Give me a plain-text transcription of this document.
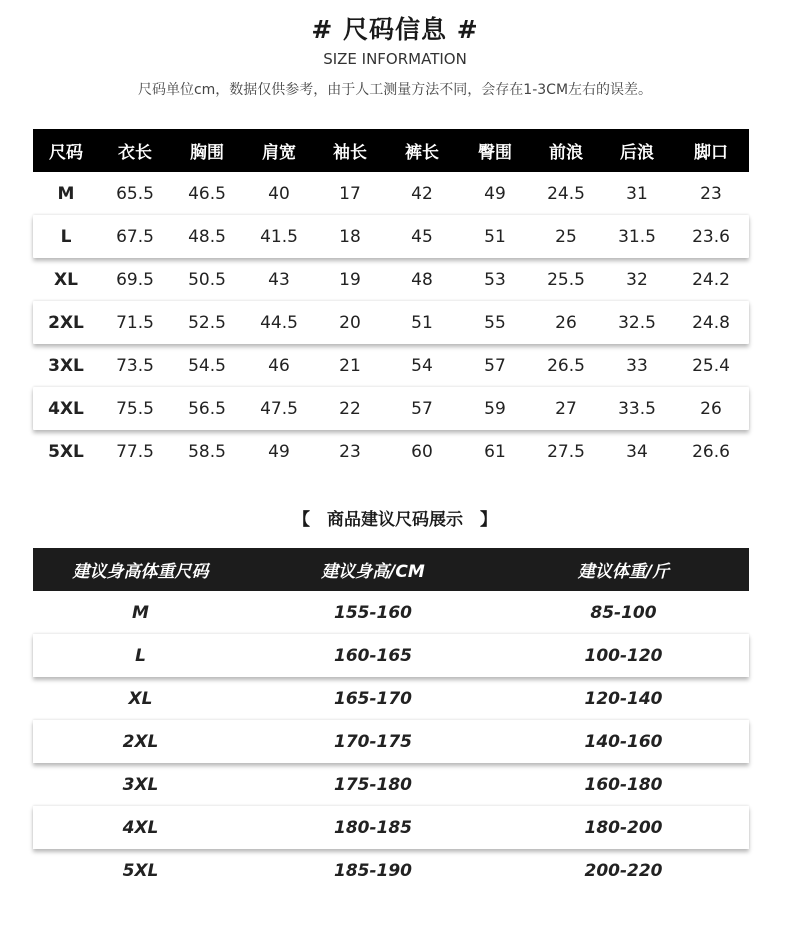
# 尺码信息 #
SIZE INFORMATION
尺码单位cm，数据仅供参考，由于人工测量方法不同，会存在1-3CM左右的误差。
尺码	衣长	胸围	肩宽	袖长	裤长	臀围	前浪	后浪	脚口
M	65.5	46.5	40	17	42	49	24.5	31	23
L	67.5	48.5	41.5	18	45	51	25	31.5	23.6
XL	69.5	50.5	43	19	48	53	25.5	32	24.2
2XL	71.5	52.5	44.5	20	51	55	26	32.5	24.8
3XL	73.5	54.5	46	21	54	57	26.5	33	25.4
4XL	75.5	56.5	47.5	22	57	59	27	33.5	26
5XL	77.5	58.5	49	23	60	61	27.5	34	26.6
【　商品建议尺码展示　】
建议身高体重尺码	建议身高/CM	建议体重/斤
M	155-160	85-100
L	160-165	100-120
XL	165-170	120-140
2XL	170-175	140-160
3XL	175-180	160-180
4XL	180-185	180-200
5XL	185-190	200-220
